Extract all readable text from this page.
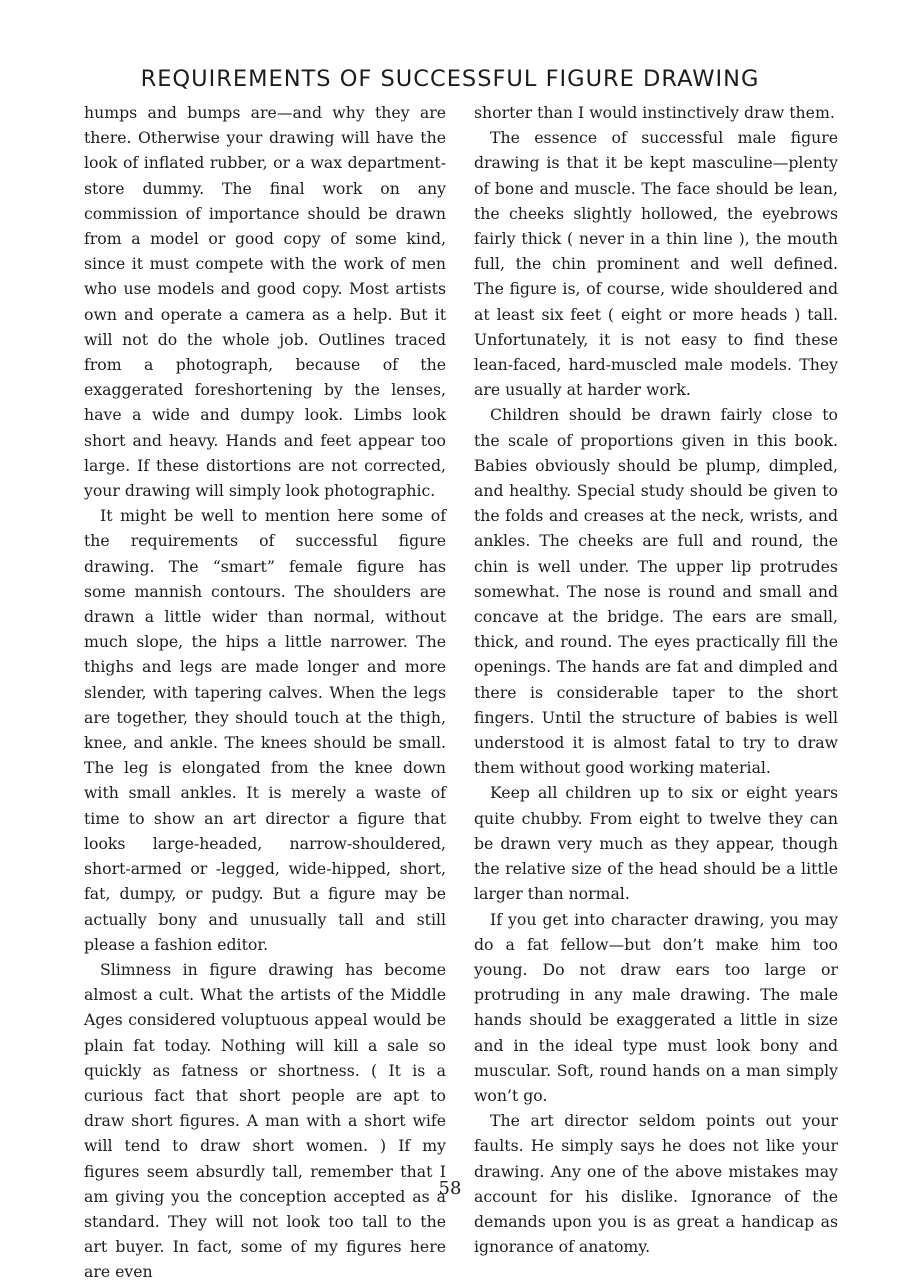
REQUIREMENTS OF SUCCESSFUL FIGURE DRAWING

humps and bumps are—and why they are there. Otherwise your drawing will have the look of inflated rubber, or a wax department-store dummy. The final work on any commission of importance should be drawn from a model or good copy of some kind, since it must compete with the work of men who use models and good copy. Most artists own and operate a camera as a help. But it will not do the whole job. Outlines traced from a photograph, because of the exaggerated foreshortening by the lenses, have a wide and dumpy look. Limbs look short and heavy. Hands and feet appear too large. If these distortions are not corrected, your drawing will simply look photographic.

It might be well to mention here some of the requirements of successful figure drawing. The “smart” female figure has some mannish contours. The shoulders are drawn a little wider than normal, without much slope, the hips a little narrower. The thighs and legs are made longer and more slender, with tapering calves. When the legs are together, they should touch at the thigh, knee, and ankle. The knees should be small. The leg is elongated from the knee down with small ankles. It is merely a waste of time to show an art director a figure that looks large-headed, narrow-shouldered, short-armed or -legged, wide-hipped, short, fat, dumpy, or pudgy. But a figure may be actually bony and unusually tall and still please a fashion editor.

Slimness in figure drawing has become almost a cult. What the artists of the Middle Ages considered voluptuous appeal would be plain fat today. Nothing will kill a sale so quickly as fatness or shortness. ( It is a curious fact that short people are apt to draw short figures. A man with a short wife will tend to draw short women. ) If my figures seem absurdly tall, remember that I am giving you the conception accepted as a standard. They will not look too tall to the art buyer. In fact, some of my figures here are even

shorter than I would instinctively draw them.

The essence of successful male figure drawing is that it be kept masculine—plenty of bone and muscle. The face should be lean, the cheeks slightly hollowed, the eyebrows fairly thick ( never in a thin line ), the mouth full, the chin prominent and well defined. The figure is, of course, wide shouldered and at least six feet ( eight or more heads ) tall. Unfortunately, it is not easy to find these lean-faced, hard-muscled male models. They are usually at harder work.

Children should be drawn fairly close to the scale of proportions given in this book. Babies obviously should be plump, dimpled, and healthy. Special study should be given to the folds and creases at the neck, wrists, and ankles. The cheeks are full and round, the chin is well under. The upper lip protrudes somewhat. The nose is round and small and concave at the bridge. The ears are small, thick, and round. The eyes practically fill the openings. The hands are fat and dimpled and there is considerable taper to the short fingers. Until the structure of babies is well understood it is almost fatal to try to draw them without good working material.

Keep all children up to six or eight years quite chubby. From eight to twelve they can be drawn very much as they appear, though the relative size of the head should be a little larger than normal.

If you get into character drawing, you may do a fat fellow—but don’t make him too young. Do not draw ears too large or protruding in any male drawing. The male hands should be exaggerated a little in size and in the ideal type must look bony and muscular. Soft, round hands on a man simply won’t go.

The art director seldom points out your faults. He simply says he does not like your drawing. Any one of the above mistakes may account for his dislike. Ignorance of the demands upon you is as great a handicap as ignorance of anatomy.

58
